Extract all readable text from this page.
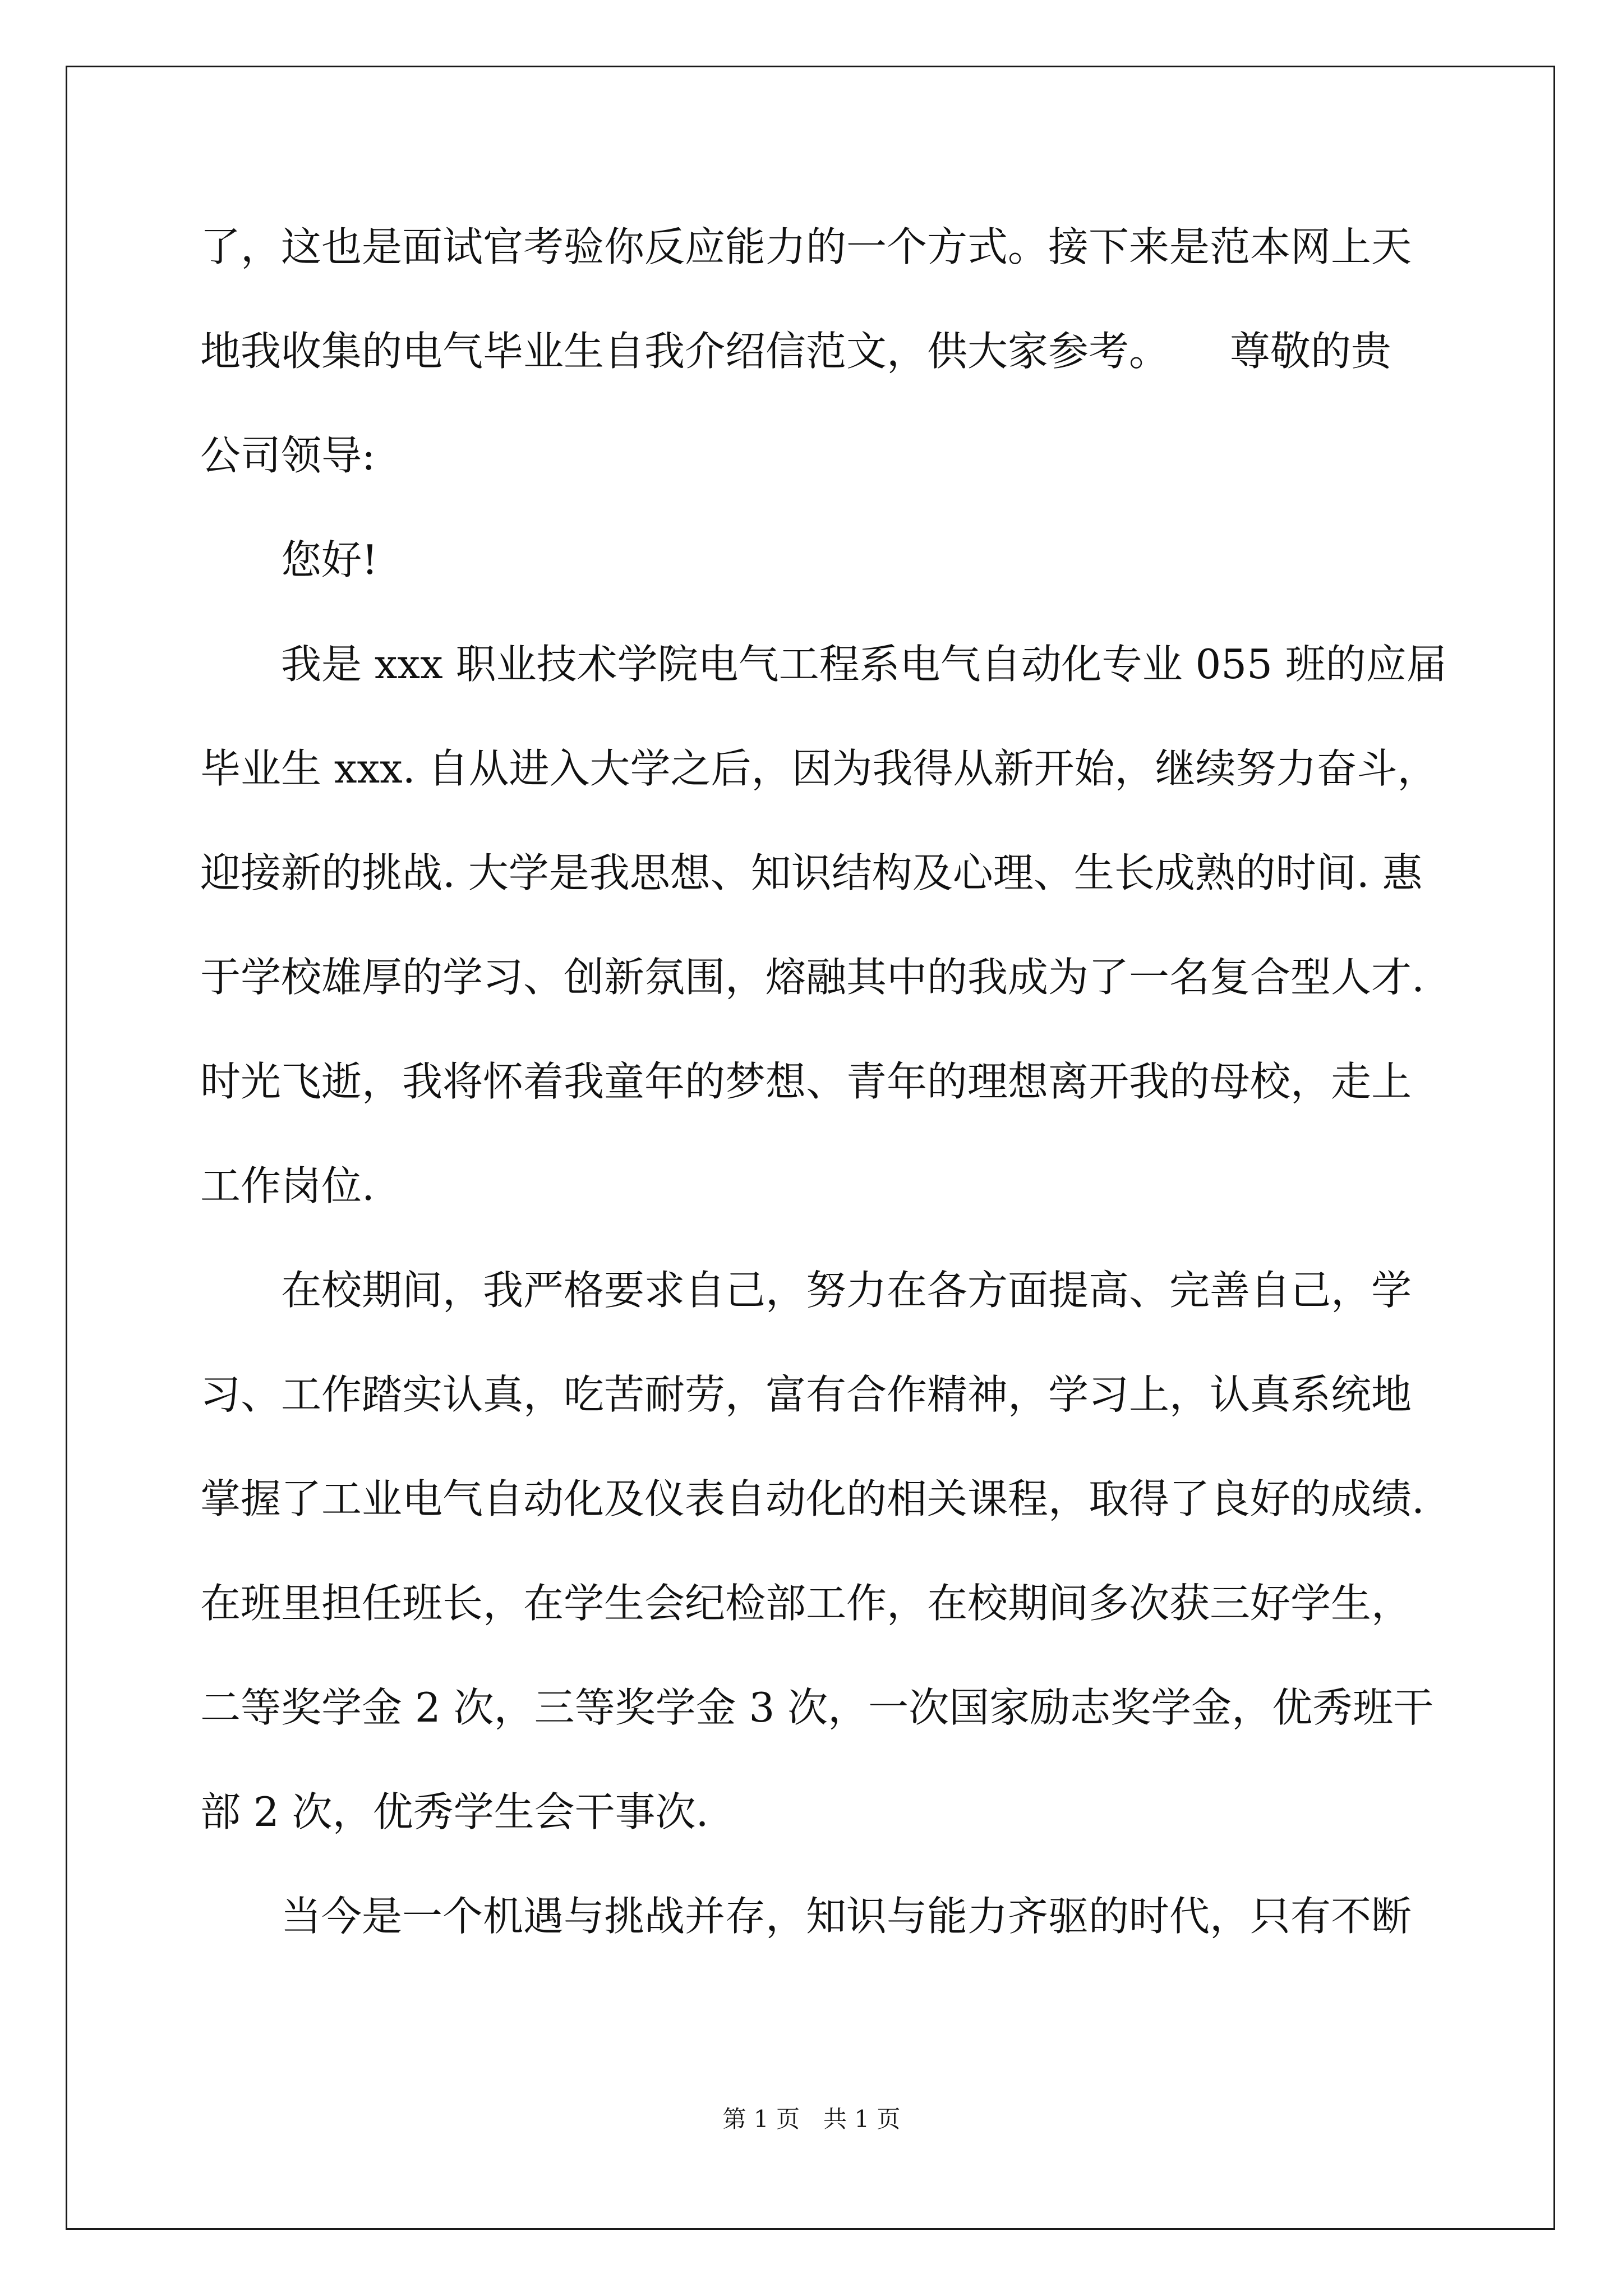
了，这也是面试官考验你反应能力的一个方式。接下来是范本网上天
地我收集的电气毕业生自我介绍信范文，供大家参考。　　尊敬的贵
公司领导:
　　您好!
　　我是 xxx 职业技术学院电气工程系电气自动化专业 055 班的应届
毕业生 xxx. 自从进入大学之后，因为我得从新开始，继续努力奋斗，
迎接新的挑战. 大学是我思想、知识结构及心理、生长成熟的时间. 惠
于学校雄厚的学习、创新氛围，熔融其中的我成为了一名复合型人才.
时光飞逝，我将怀着我童年的梦想、青年的理想离开我的母校，走上
工作岗位.
　　在校期间，我严格要求自己，努力在各方面提高、完善自己，学
习、工作踏实认真，吃苦耐劳，富有合作精神，学习上，认真系统地
掌握了工业电气自动化及仪表自动化的相关课程，取得了良好的成绩.
在班里担任班长，在学生会纪检部工作，在校期间多次获三好学生，
二等奖学金 2 次，三等奖学金 3 次，一次国家励志奖学金，优秀班干
部 2 次，优秀学生会干事次.
　　当今是一个机遇与挑战并存，知识与能力齐驱的时代，只有不断
第 1 页　共 1 页
